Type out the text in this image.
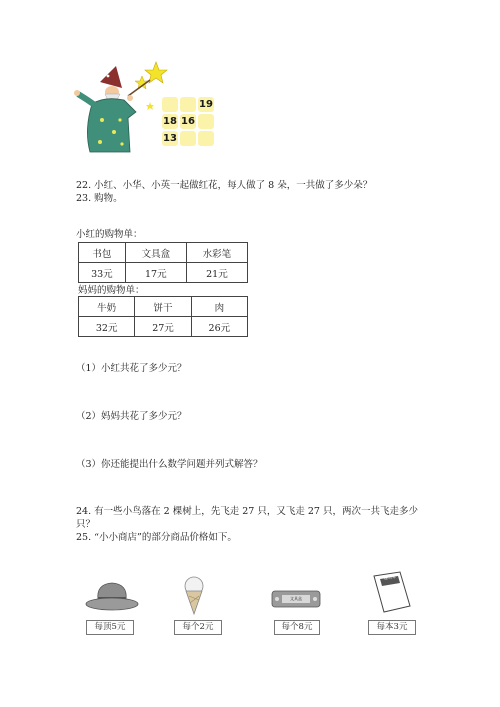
19
18 16
13
22. 小红、小华、小英一起做红花，每人做了 8 朵，一共做了多少朵？
23. 购物。
小红的购物单：
书包	文具盒	水彩笔
33元	17元	21元
妈妈的购物单：
牛奶	饼干	肉
32元	27元	26元
（1）小红共花了多少元？
（2）妈妈共花了多少元？
（3）你还能提出什么数学问题并列式解答？
24. 有一些小鸟落在 2 棵树上，先飞走 27 只，又飞走 27 只，两次一共飞走多少
只？
25. “小小商店”的部分商品价格如下。
每顶5元	每个2元
文具盒
每个8元
练习本
每本3元
